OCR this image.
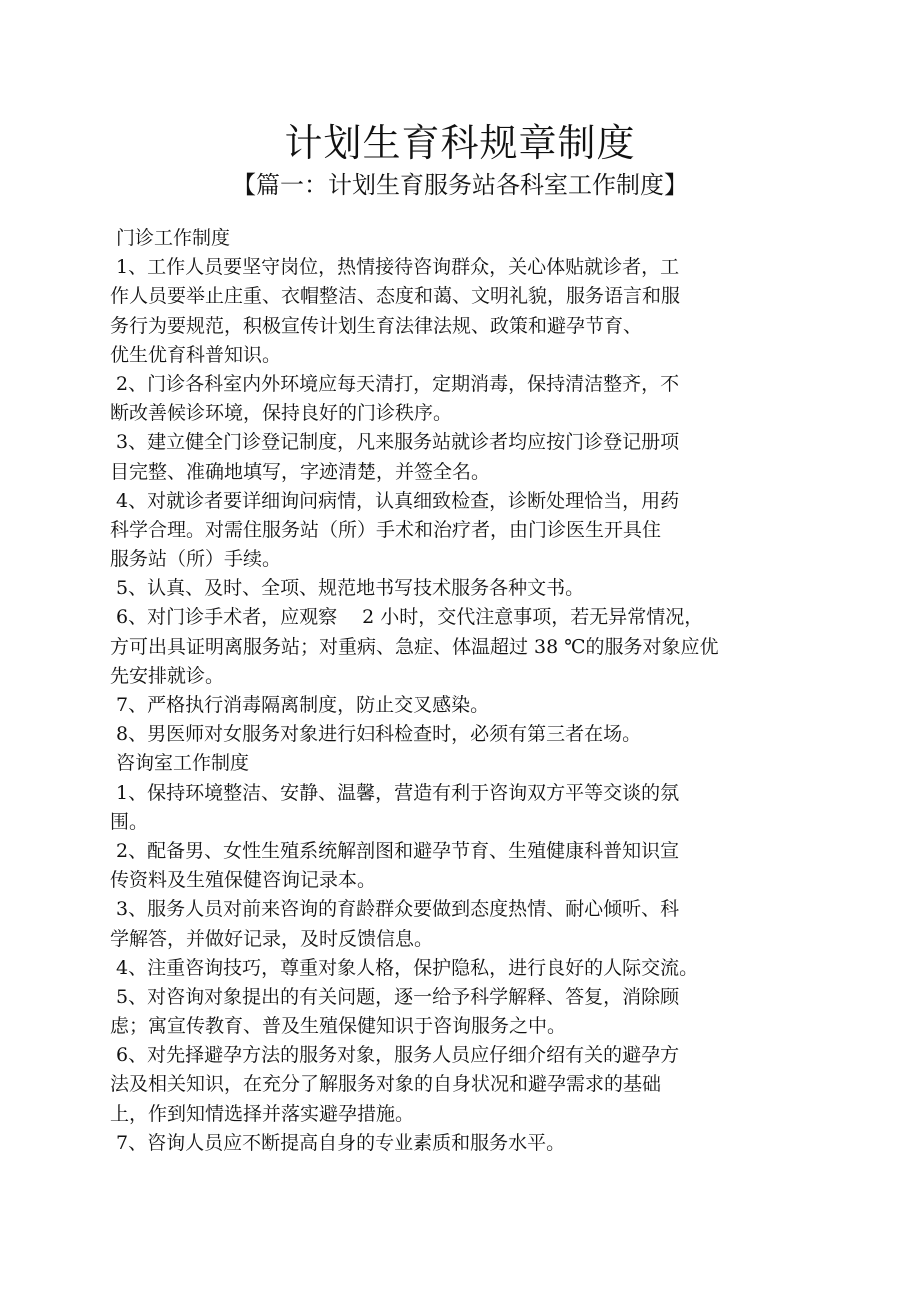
计划生育科规章制度
【篇一：计划生育服务站各科室工作制度】
门诊工作制度
1、工作人员要坚守岗位，热情接待咨询群众，关心体贴就诊者，工
作人员要举止庄重、衣帽整洁、态度和蔼、文明礼貌，服务语言和服
务行为要规范，积极宣传计划生育法律法规、政策和避孕节育、
优生优育科普知识。
2、门诊各科室内外环境应每天清打，定期消毒，保持清洁整齐，不
断改善候诊环境，保持良好的门诊秩序。
3、建立健全门诊登记制度，凡来服务站就诊者均应按门诊登记册项
目完整、准确地填写，字迹清楚，并签全名。
4、对就诊者要详细询问病情，认真细致检查，诊断处理恰当，用药
科学合理。对需住服务站（所）手术和治疗者，由门诊医生开具住
服务站（所）手续。
5、认真、及时、全项、规范地书写技术服务各种文书。
6、对门诊手术者，应观察　 2 小时，交代注意事项，若无异常情况，
方可出具证明离服务站；对重病、急症、体温超过 38 ℃的服务对象应优
先安排就诊。
7、严格执行消毒隔离制度，防止交叉感染。
8、男医师对女服务对象进行妇科检查时，必须有第三者在场。
咨询室工作制度
1、保持环境整洁、安静、温馨，营造有利于咨询双方平等交谈的氛
围。
2、配备男、女性生殖系统解剖图和避孕节育、生殖健康科普知识宣
传资料及生殖保健咨询记录本。
3、服务人员对前来咨询的育龄群众要做到态度热情、耐心倾听、科
学解答，并做好记录，及时反馈信息。
4、注重咨询技巧，尊重对象人格，保护隐私，进行良好的人际交流。
5、对咨询对象提出的有关问题，逐一给予科学解释、答复，消除顾
虑；寓宣传教育、普及生殖保健知识于咨询服务之中。
6、对先择避孕方法的服务对象，服务人员应仔细介绍有关的避孕方
法及相关知识，在充分了解服务对象的自身状况和避孕需求的基础
上，作到知情选择并落实避孕措施。
7、咨询人员应不断提高自身的专业素质和服务水平。
